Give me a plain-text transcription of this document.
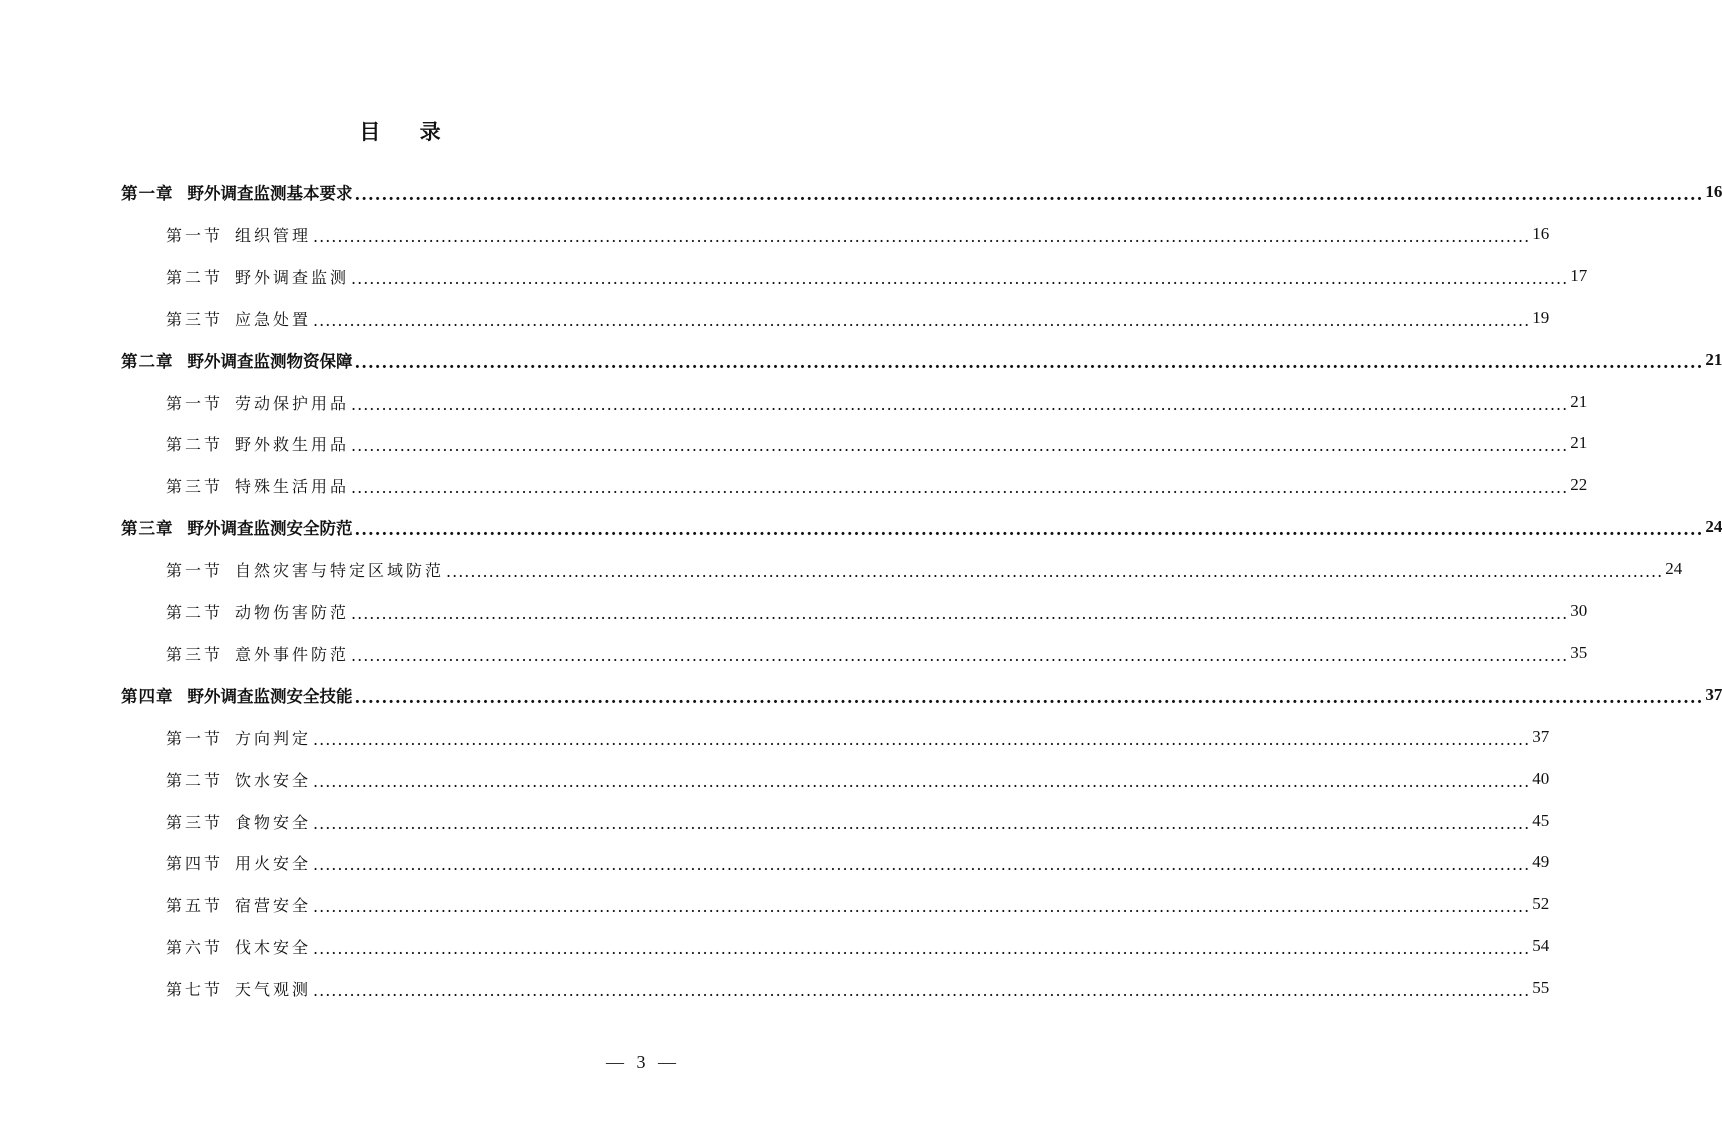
目 录
第一章 野外调查监测基本要求 ........................................................................................................................................................................................................ 16
第一节 组织管理 ........................................................................................................................................................................................................ 16
第二节 野外调查监测 ........................................................................................................................................................................................................ 17
第三节 应急处置 ........................................................................................................................................................................................................ 19
第二章 野外调查监测物资保障 ........................................................................................................................................................................................................ 21
第一节 劳动保护用品 ........................................................................................................................................................................................................ 21
第二节 野外救生用品 ........................................................................................................................................................................................................ 21
第三节 特殊生活用品 ........................................................................................................................................................................................................ 22
第三章 野外调查监测安全防范 ........................................................................................................................................................................................................ 24
第一节 自然灾害与特定区域防范 ........................................................................................................................................................................................................ 24
第二节 动物伤害防范 ........................................................................................................................................................................................................ 30
第三节 意外事件防范 ........................................................................................................................................................................................................ 35
第四章 野外调查监测安全技能 ........................................................................................................................................................................................................ 37
第一节 方向判定 ........................................................................................................................................................................................................ 37
第二节 饮水安全 ........................................................................................................................................................................................................ 40
第三节 食物安全 ........................................................................................................................................................................................................ 45
第四节 用火安全 ........................................................................................................................................................................................................ 49
第五节 宿营安全 ........................................................................................................................................................................................................ 52
第六节 伐木安全 ........................................................................................................................................................................................................ 54
第七节 天气观测 ........................................................................................................................................................................................................ 55
— 3 —
